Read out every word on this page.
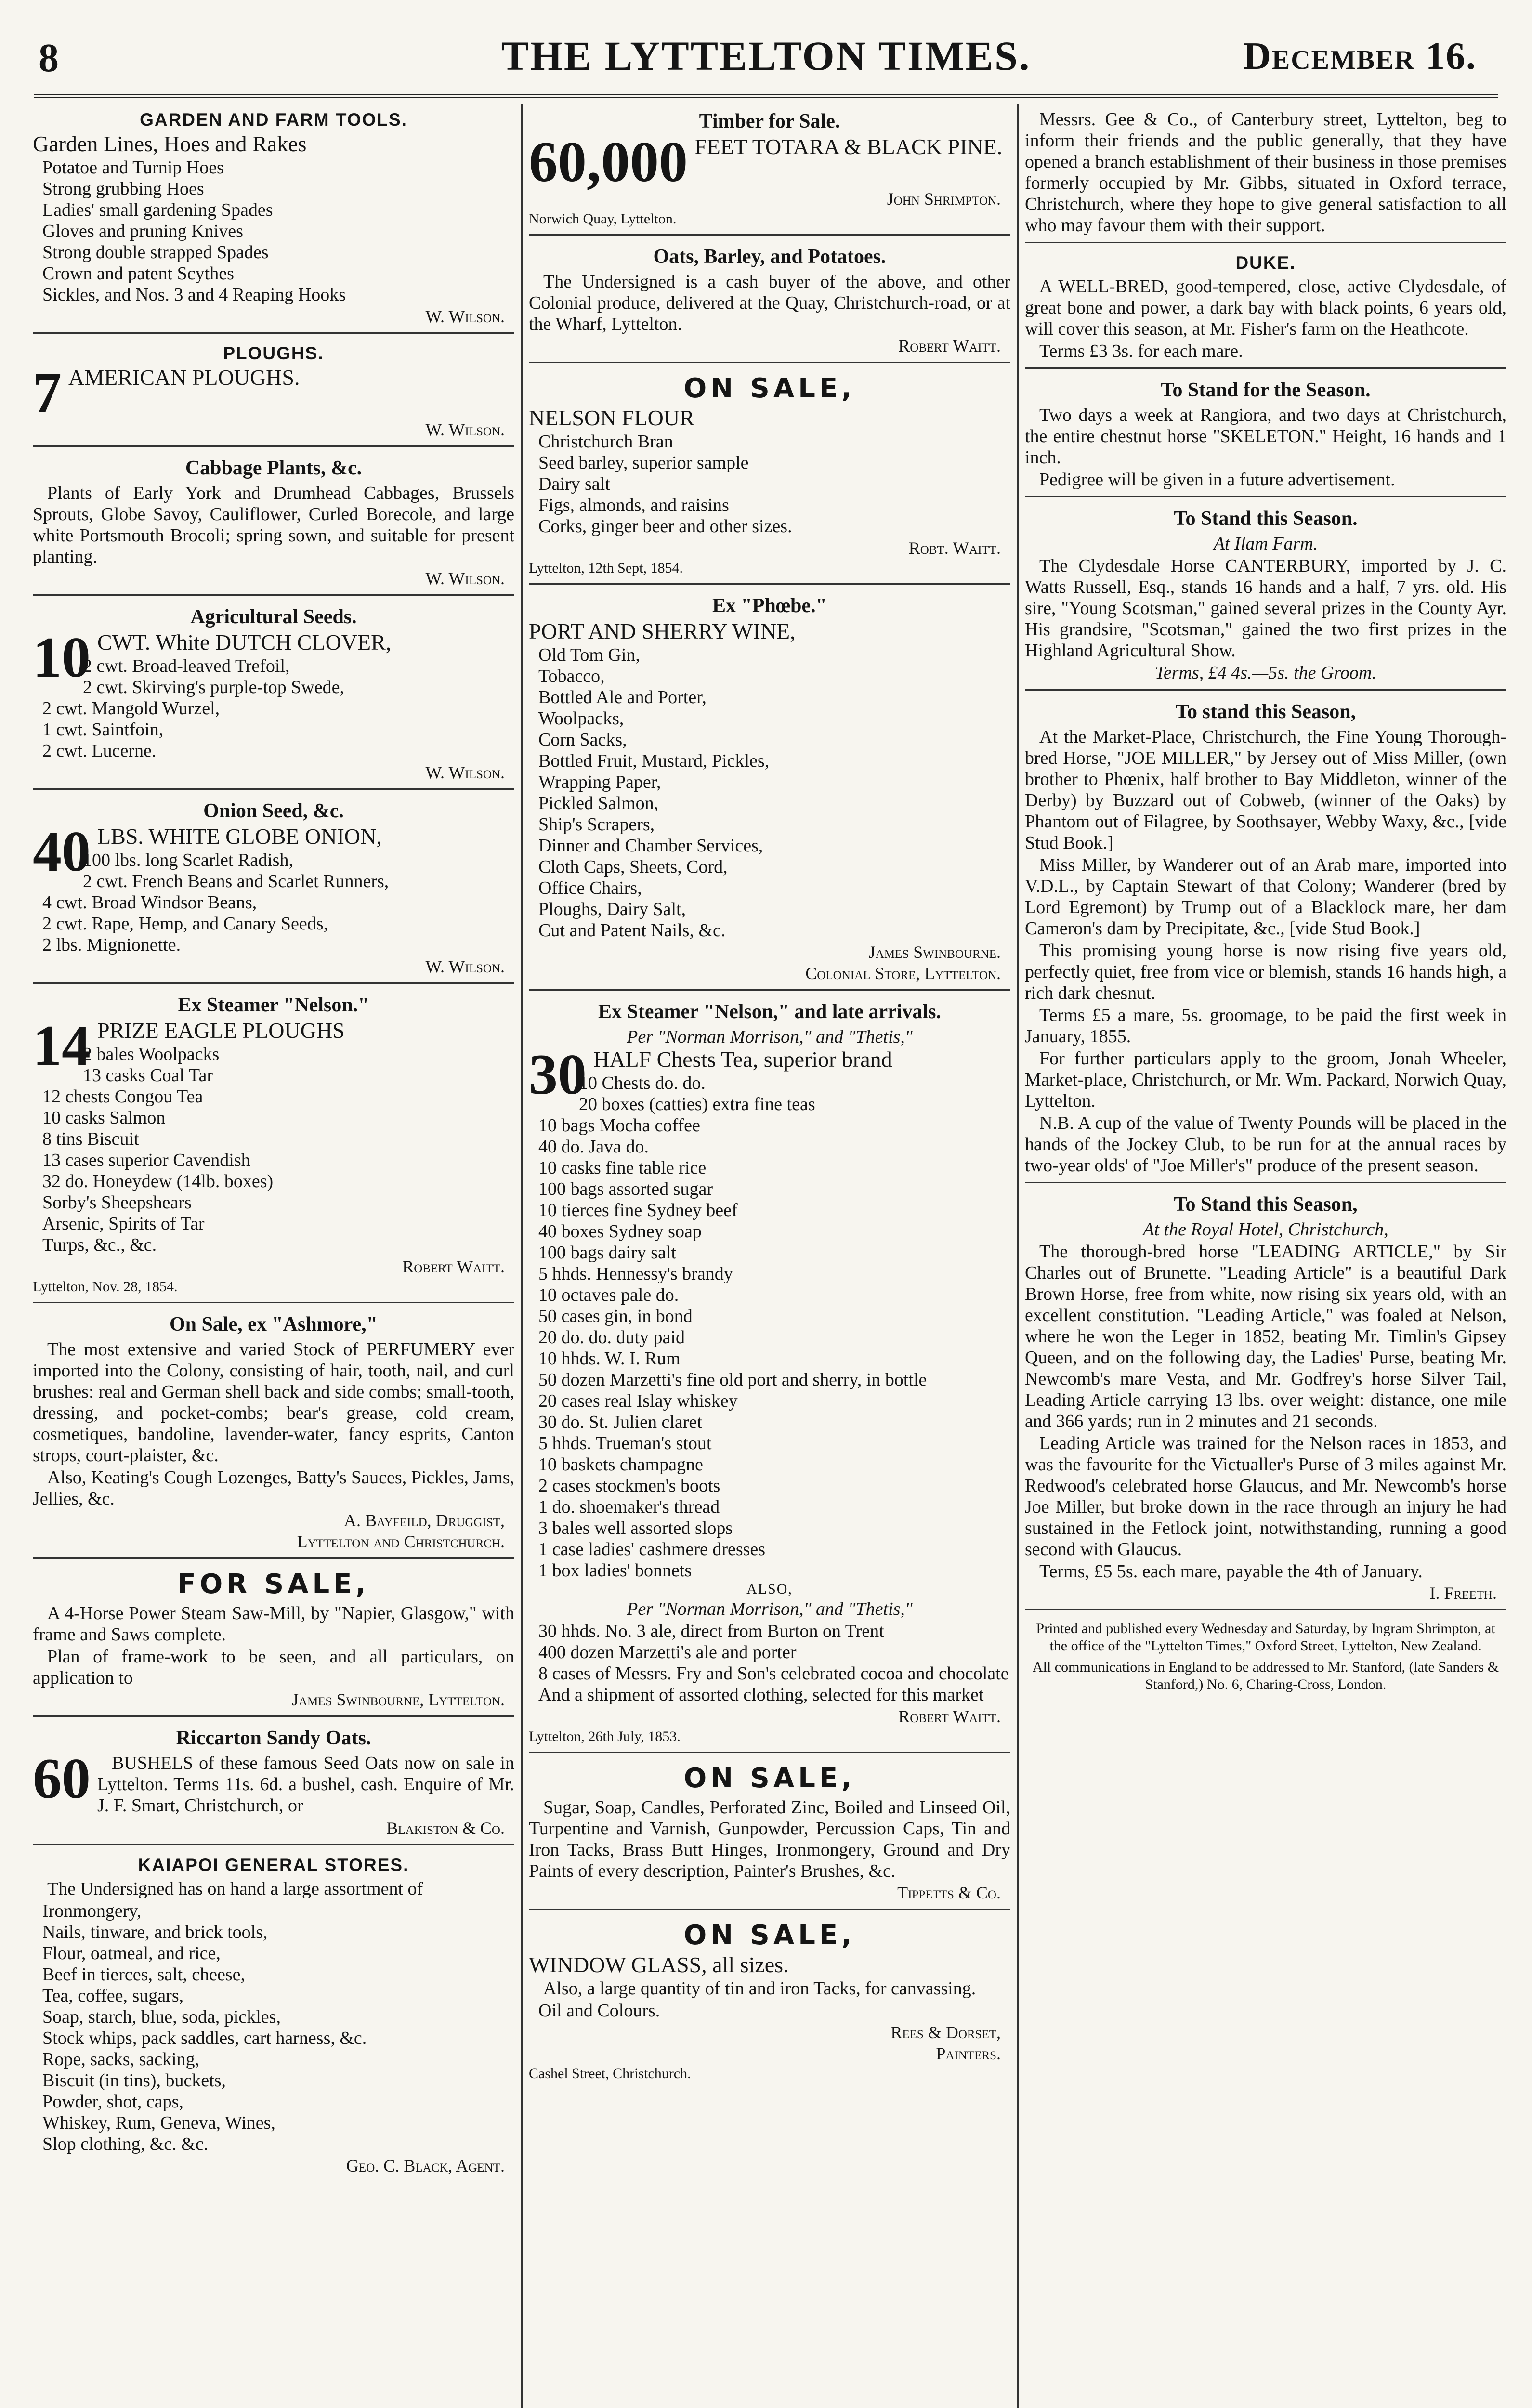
8	THE LYTTELTON TIMES.	December 16.
GARDEN AND FARM TOOLS.
Garden Lines, Hoes and Rakes
Potatoe and Turnip Hoes
Strong grubbing Hoes
Ladies' small gardening Spades
Gloves and pruning Knives
Strong double strapped Spades
Crown and patent Scythes
Sickles, and Nos. 3 and 4 Reaping Hooks
W. Wilson.
PLOUGHS.
7 AMERICAN PLOUGHS.
W. Wilson.
Cabbage Plants, &c.
Plants of Early York and Drumhead Cabbages, Brussels Sprouts, Globe Savoy, Cauliflower, Curled Borecole, and large white Portsmouth Brocoli; spring sown, and suitable for present planting.
W. Wilson.
Agricultural Seeds.
10 CWT. White DUTCH CLOVER,
2 cwt. Broad-leaved Trefoil,
2 cwt. Skirving's purple-top Swede,
2 cwt. Mangold Wurzel,
1 cwt. Saintfoin,
2 cwt. Lucerne.
W. Wilson.
Onion Seed, &c.
40 LBS. WHITE GLOBE ONION,
100 lbs. long Scarlet Radish,
2 cwt. French Beans and Scarlet Runners,
4 cwt. Broad Windsor Beans,
2 cwt. Rape, Hemp, and Canary Seeds,
2 lbs. Mignionette.
W. Wilson.
Ex Steamer "Nelson."
14 PRIZE EAGLE PLOUGHS
2 bales Woolpacks
13 casks Coal Tar
12 chests Congou Tea
10 casks Salmon
8 tins Biscuit
13 cases superior Cavendish
32 do. Honeydew (14lb. boxes)
Sorby's Sheepshears
Arsenic, Spirits of Tar
Turps, &c., &c.
Robert Waitt.
Lyttelton, Nov. 28, 1854.
On Sale, ex "Ashmore,"
The most extensive and varied Stock of PERFUMERY ever imported into the Colony, consisting of hair, tooth, nail, and curl brushes: real and German shell back and side combs; small-tooth, dressing, and pocket-combs; bear's grease, cold cream, cosmetiques, bandoline, lavender-water, fancy esprits, Canton strops, court-plaister, &c.
Also, Keating's Cough Lozenges, Batty's Sauces, Pickles, Jams, Jellies, &c.
A. Bayfeild, Druggist,
Lyttelton and Christchurch.
FOR SALE,
A 4-Horse Power Steam Saw-Mill, by "Napier, Glasgow," with frame and Saws complete.
Plan of frame-work to be seen, and all particulars, on application to
James Swinbourne, Lyttelton.
Riccarton Sandy Oats.
60	BUSHELS of these famous Seed Oats now on sale in Lyttelton. Terms 11s. 6d. a bushel, cash. Enquire of Mr. J. F. Smart, Christchurch, or
Blakiston & Co.
KAIAPOI GENERAL STORES.
The Undersigned has on hand a large assortment of
Ironmongery,
Nails, tinware, and brick tools,
Flour, oatmeal, and rice,
Beef in tierces, salt, cheese,
Tea, coffee, sugars,
Soap, starch, blue, soda, pickles,
Stock whips, pack saddles, cart harness, &c.
Rope, sacks, sacking,
Biscuit (in tins), buckets,
Powder, shot, caps,
Whiskey, Rum, Geneva, Wines,
Slop clothing, &c. &c.
Geo. C. Black, Agent.
Timber for Sale.
60,000 FEET TOTARA & BLACK PINE.
John Shrimpton.
Norwich Quay, Lyttelton.
Oats, Barley, and Potatoes.
The Undersigned is a cash buyer of the above, and other Colonial produce, delivered at the Quay, Christchurch-road, or at the Wharf, Lyttelton.
Robert Waitt.
ON SALE,
NELSON FLOUR
Christchurch Bran
Seed barley, superior sample
Dairy salt
Figs, almonds, and raisins
Corks, ginger beer and other sizes.
Robt. Waitt.
Lyttelton, 12th Sept, 1854.
Ex "Phœbe."
PORT AND SHERRY WINE,
Old Tom Gin,
Tobacco,
Bottled Ale and Porter,
Woolpacks,
Corn Sacks,
Bottled Fruit, Mustard, Pickles,
Wrapping Paper,
Pickled Salmon,
Ship's Scrapers,
Dinner and Chamber Services,
Cloth Caps, Sheets, Cord,
Office Chairs,
Ploughs, Dairy Salt,
Cut and Patent Nails, &c.
James Swinbourne.
Colonial Store, Lyttelton.
Ex Steamer "Nelson," and late arrivals.
Per "Norman Morrison," and "Thetis,"
30 HALF Chests Tea, superior brand
10 Chests do. do.
20 boxes (catties) extra fine teas
10 bags Mocha coffee
40 do. Java do.
10 casks fine table rice
100 bags assorted sugar
10 tierces fine Sydney beef
40 boxes Sydney soap
100 bags dairy salt
5 hhds. Hennessy's brandy
10 octaves pale do.
50 cases gin, in bond
20 do. do. duty paid
10 hhds. W. I. Rum
50 dozen Marzetti's fine old port and sherry, in bottle
20 cases real Islay whiskey
30 do. St. Julien claret
5 hhds. Trueman's stout
10 baskets champagne
2 cases stockmen's boots
1 do. shoemaker's thread
3 bales well assorted slops
1 case ladies' cashmere dresses
1 box ladies' bonnets
ALSO,
Per "Norman Morrison," and "Thetis,"
30 hhds. No. 3 ale, direct from Burton on Trent
400 dozen Marzetti's ale and porter
8 cases of Messrs. Fry and Son's celebrated cocoa and chocolate
And a shipment of assorted clothing, selected for this market
Robert Waitt.
Lyttelton, 26th July, 1853.
ON SALE,
Sugar, Soap, Candles, Perforated Zinc, Boiled and Linseed Oil, Turpentine and Varnish, Gunpowder, Percussion Caps, Tin and Iron Tacks, Brass Butt Hinges, Ironmongery, Ground and Dry Paints of every description, Painter's Brushes, &c.
Tippetts & Co.
ON SALE,
WINDOW GLASS, all sizes.
Also, a large quantity of tin and iron Tacks, for canvassing.
Oil and Colours.
Rees & Dorset,
Painters.
Cashel Street, Christchurch.
Messrs. Gee & Co., of Canterbury street, Lyttelton, beg to inform their friends and the public generally, that they have opened a branch establishment of their business in those premises formerly occupied by Mr. Gibbs, situated in Oxford terrace, Christchurch, where they hope to give general satisfaction to all who may favour them with their support.
DUKE.
A WELL-BRED, good-tempered, close, active Clydesdale, of great bone and power, a dark bay with black points, 6 years old, will cover this season, at Mr. Fisher's farm on the Heathcote.
Terms £3 3s. for each mare.
To Stand for the Season.
Two days a week at Rangiora, and two days at Christchurch, the entire chestnut horse "SKELETON." Height, 16 hands and 1 inch.
Pedigree will be given in a future advertisement.
To Stand this Season.
At Ilam Farm.
The Clydesdale Horse CANTERBURY, imported by J. C. Watts Russell, Esq., stands 16 hands and a half, 7 yrs. old. His sire, "Young Scotsman," gained several prizes in the County Ayr. His grandsire, "Scotsman," gained the two first prizes in the Highland Agricultural Show.
Terms, £4 4s.—5s. the Groom.
To stand this Season,
At the Market-Place, Christchurch, the Fine Young Thorough-bred Horse, "JOE MILLER," by Jersey out of Miss Miller, (own brother to Phœnix, half brother to Bay Middleton, winner of the Derby) by Buzzard out of Cobweb, (winner of the Oaks) by Phantom out of Filagree, by Soothsayer, Webby Waxy, &c., [vide Stud Book.]
Miss Miller, by Wanderer out of an Arab mare, imported into V.D.L., by Captain Stewart of that Colony; Wanderer (bred by Lord Egremont) by Trump out of a Blacklock mare, her dam Cameron's dam by Precipitate, &c., [vide Stud Book.]
This promising young horse is now rising five years old, perfectly quiet, free from vice or blemish, stands 16 hands high, a rich dark chesnut.
Terms £5 a mare, 5s. groomage, to be paid the first week in January, 1855.
For further particulars apply to the groom, Jonah Wheeler, Market-place, Christchurch, or Mr. Wm. Packard, Norwich Quay, Lyttelton.
N.B. A cup of the value of Twenty Pounds will be placed in the hands of the Jockey Club, to be run for at the annual races by two-year olds' of "Joe Miller's" produce of the present season.
To Stand this Season,
At the Royal Hotel, Christchurch,
The thorough-bred horse "LEADING ARTICLE," by Sir Charles out of Brunette. "Leading Article" is a beautiful Dark Brown Horse, free from white, now rising six years old, with an excellent constitution. "Leading Article," was foaled at Nelson, where he won the Leger in 1852, beating Mr. Timlin's Gipsey Queen, and on the following day, the Ladies' Purse, beating Mr. Newcomb's mare Vesta, and Mr. Godfrey's horse Silver Tail, Leading Article carrying 13 lbs. over weight: distance, one mile and 366 yards; run in 2 minutes and 21 seconds.
Leading Article was trained for the Nelson races in 1853, and was the favourite for the Victualler's Purse of 3 miles against Mr. Redwood's celebrated horse Glaucus, and Mr. Newcomb's horse Joe Miller, but broke down in the race through an injury he had sustained in the Fetlock joint, notwithstanding, running a good second with Glaucus.
Terms, £5 5s. each mare, payable the 4th of January.
I. Freeth.
Printed and published every Wednesday and Saturday, by Ingram Shrimpton, at the office of the "Lyttelton Times," Oxford Street, Lyttelton, New Zealand.
All communications in England to be addressed to Mr. Stanford, (late Sanders & Stanford,) No. 6, Charing-Cross, London.
